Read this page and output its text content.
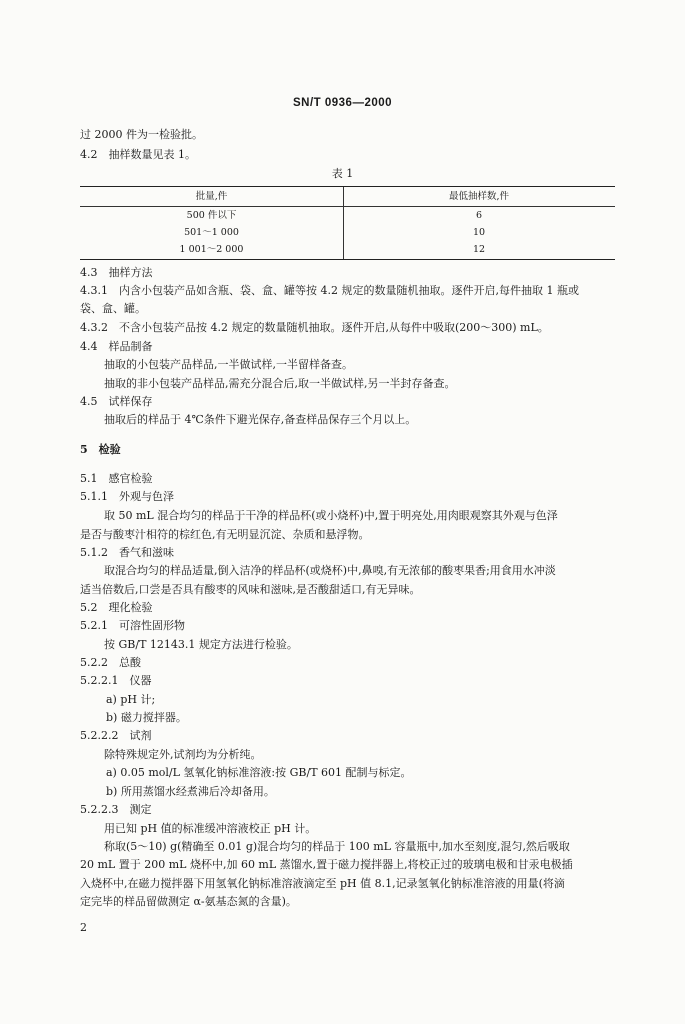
SN/T 0936—2000
过 2000 件为一检验批。
4.2　抽样数量见表 1。
表 1
批量,件	最低抽样数,件
500 件以下	6
501～1 000	10
1 001～2 000	12
4.3　抽样方法
4.3.1　内含小包装产品如含瓶、袋、盒、罐等按 4.2 规定的数量随机抽取。逐件开启,每件抽取 1 瓶或
袋、盒、罐。
4.3.2　不含小包装产品按 4.2 规定的数量随机抽取。逐件开启,从每件中吸取(200～300) mL。
4.4　样品制备
抽取的小包装产品样品,一半做试样,一半留样备查。
抽取的非小包装产品样品,需充分混合后,取一半做试样,另一半封存备查。
4.5　试样保存
抽取后的样品于 4℃条件下避光保存,备查样品保存三个月以上。
5　检验
5.1　感官检验
5.1.1　外观与色泽
取 50 mL 混合均匀的样品于干净的样品杯(或小烧杯)中,置于明亮处,用肉眼观察其外观与色泽
是否与酸枣汁相符的棕红色,有无明显沉淀、杂质和悬浮物。
5.1.2　香气和滋味
取混合均匀的样品适量,倒入洁净的样品杯(或烧杯)中,鼻嗅,有无浓郁的酸枣果香;用食用水冲淡
适当倍数后,口尝是否具有酸枣的风味和滋味,是否酸甜适口,有无异味。
5.2　理化检验
5.2.1　可溶性固形物
按 GB/T 12143.1 规定方法进行检验。
5.2.2　总酸
5.2.2.1　仪器
a) pH 计;
b) 磁力搅拌器。
5.2.2.2　试剂
除特殊规定外,试剂均为分析纯。
a) 0.05 mol/L 氢氧化钠标准溶液:按 GB/T 601 配制与标定。
b) 所用蒸馏水经煮沸后冷却备用。
5.2.2.3　测定
用已知 pH 值的标准缓冲溶液校正 pH 计。
称取(5～10) g(精确至 0.01 g)混合均匀的样品于 100 mL 容量瓶中,加水至刻度,混匀,然后吸取
20 mL 置于 200 mL 烧杯中,加 60 mL 蒸馏水,置于磁力搅拌器上,将校正过的玻璃电极和甘汞电极插
入烧杯中,在磁力搅拌器下用氢氧化钠标准溶液滴定至 pH 值 8.1,记录氢氧化钠标准溶液的用量(将滴
定完毕的样品留做测定 α-氨基态氮的含量)。
2
